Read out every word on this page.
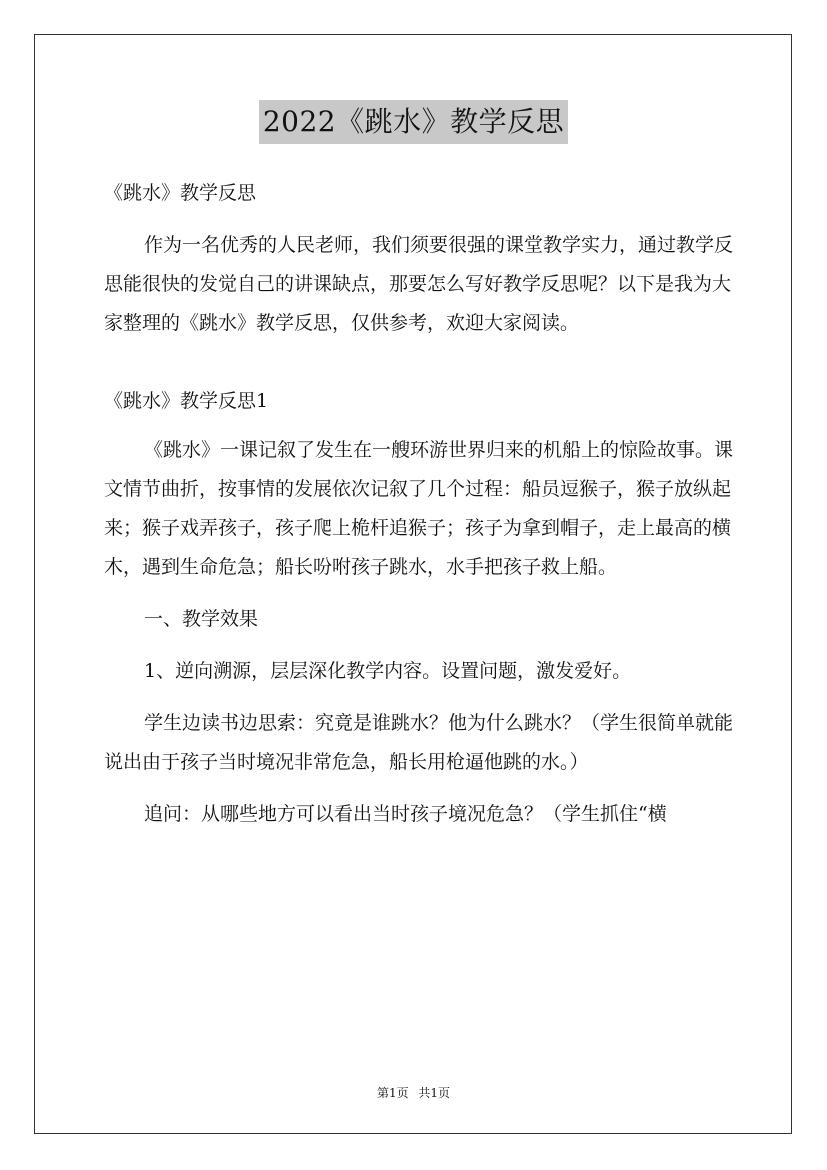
2022《跳水》教学反思

《跳水》教学反思

作为一名优秀的人民老师，我们须要很强的课堂教学实力，通过教学反思能很快的发觉自己的讲课缺点，那要怎么写好教学反思呢？以下是我为大家整理的《跳水》教学反思，仅供参考，欢迎大家阅读。

《跳水》教学反思1

《跳水》一课记叙了发生在一艘环游世界归来的机船上的惊险故事。课文情节曲折，按事情的发展依次记叙了几个过程：船员逗猴子，猴子放纵起来；猴子戏弄孩子，孩子爬上桅杆追猴子；孩子为拿到帽子，走上最高的横木，遇到生命危急；船长吩咐孩子跳水，水手把孩子救上船。

一、教学效果

1、逆向溯源，层层深化教学内容。设置问题，激发爱好。

学生边读书边思索：究竟是谁跳水？他为什么跳水？（学生很简单就能说出由于孩子当时境况非常危急，船长用枪逼他跳的水。）

追问：从哪些地方可以看出当时孩子境况危急？（学生抓住“横

第1页 共1页
